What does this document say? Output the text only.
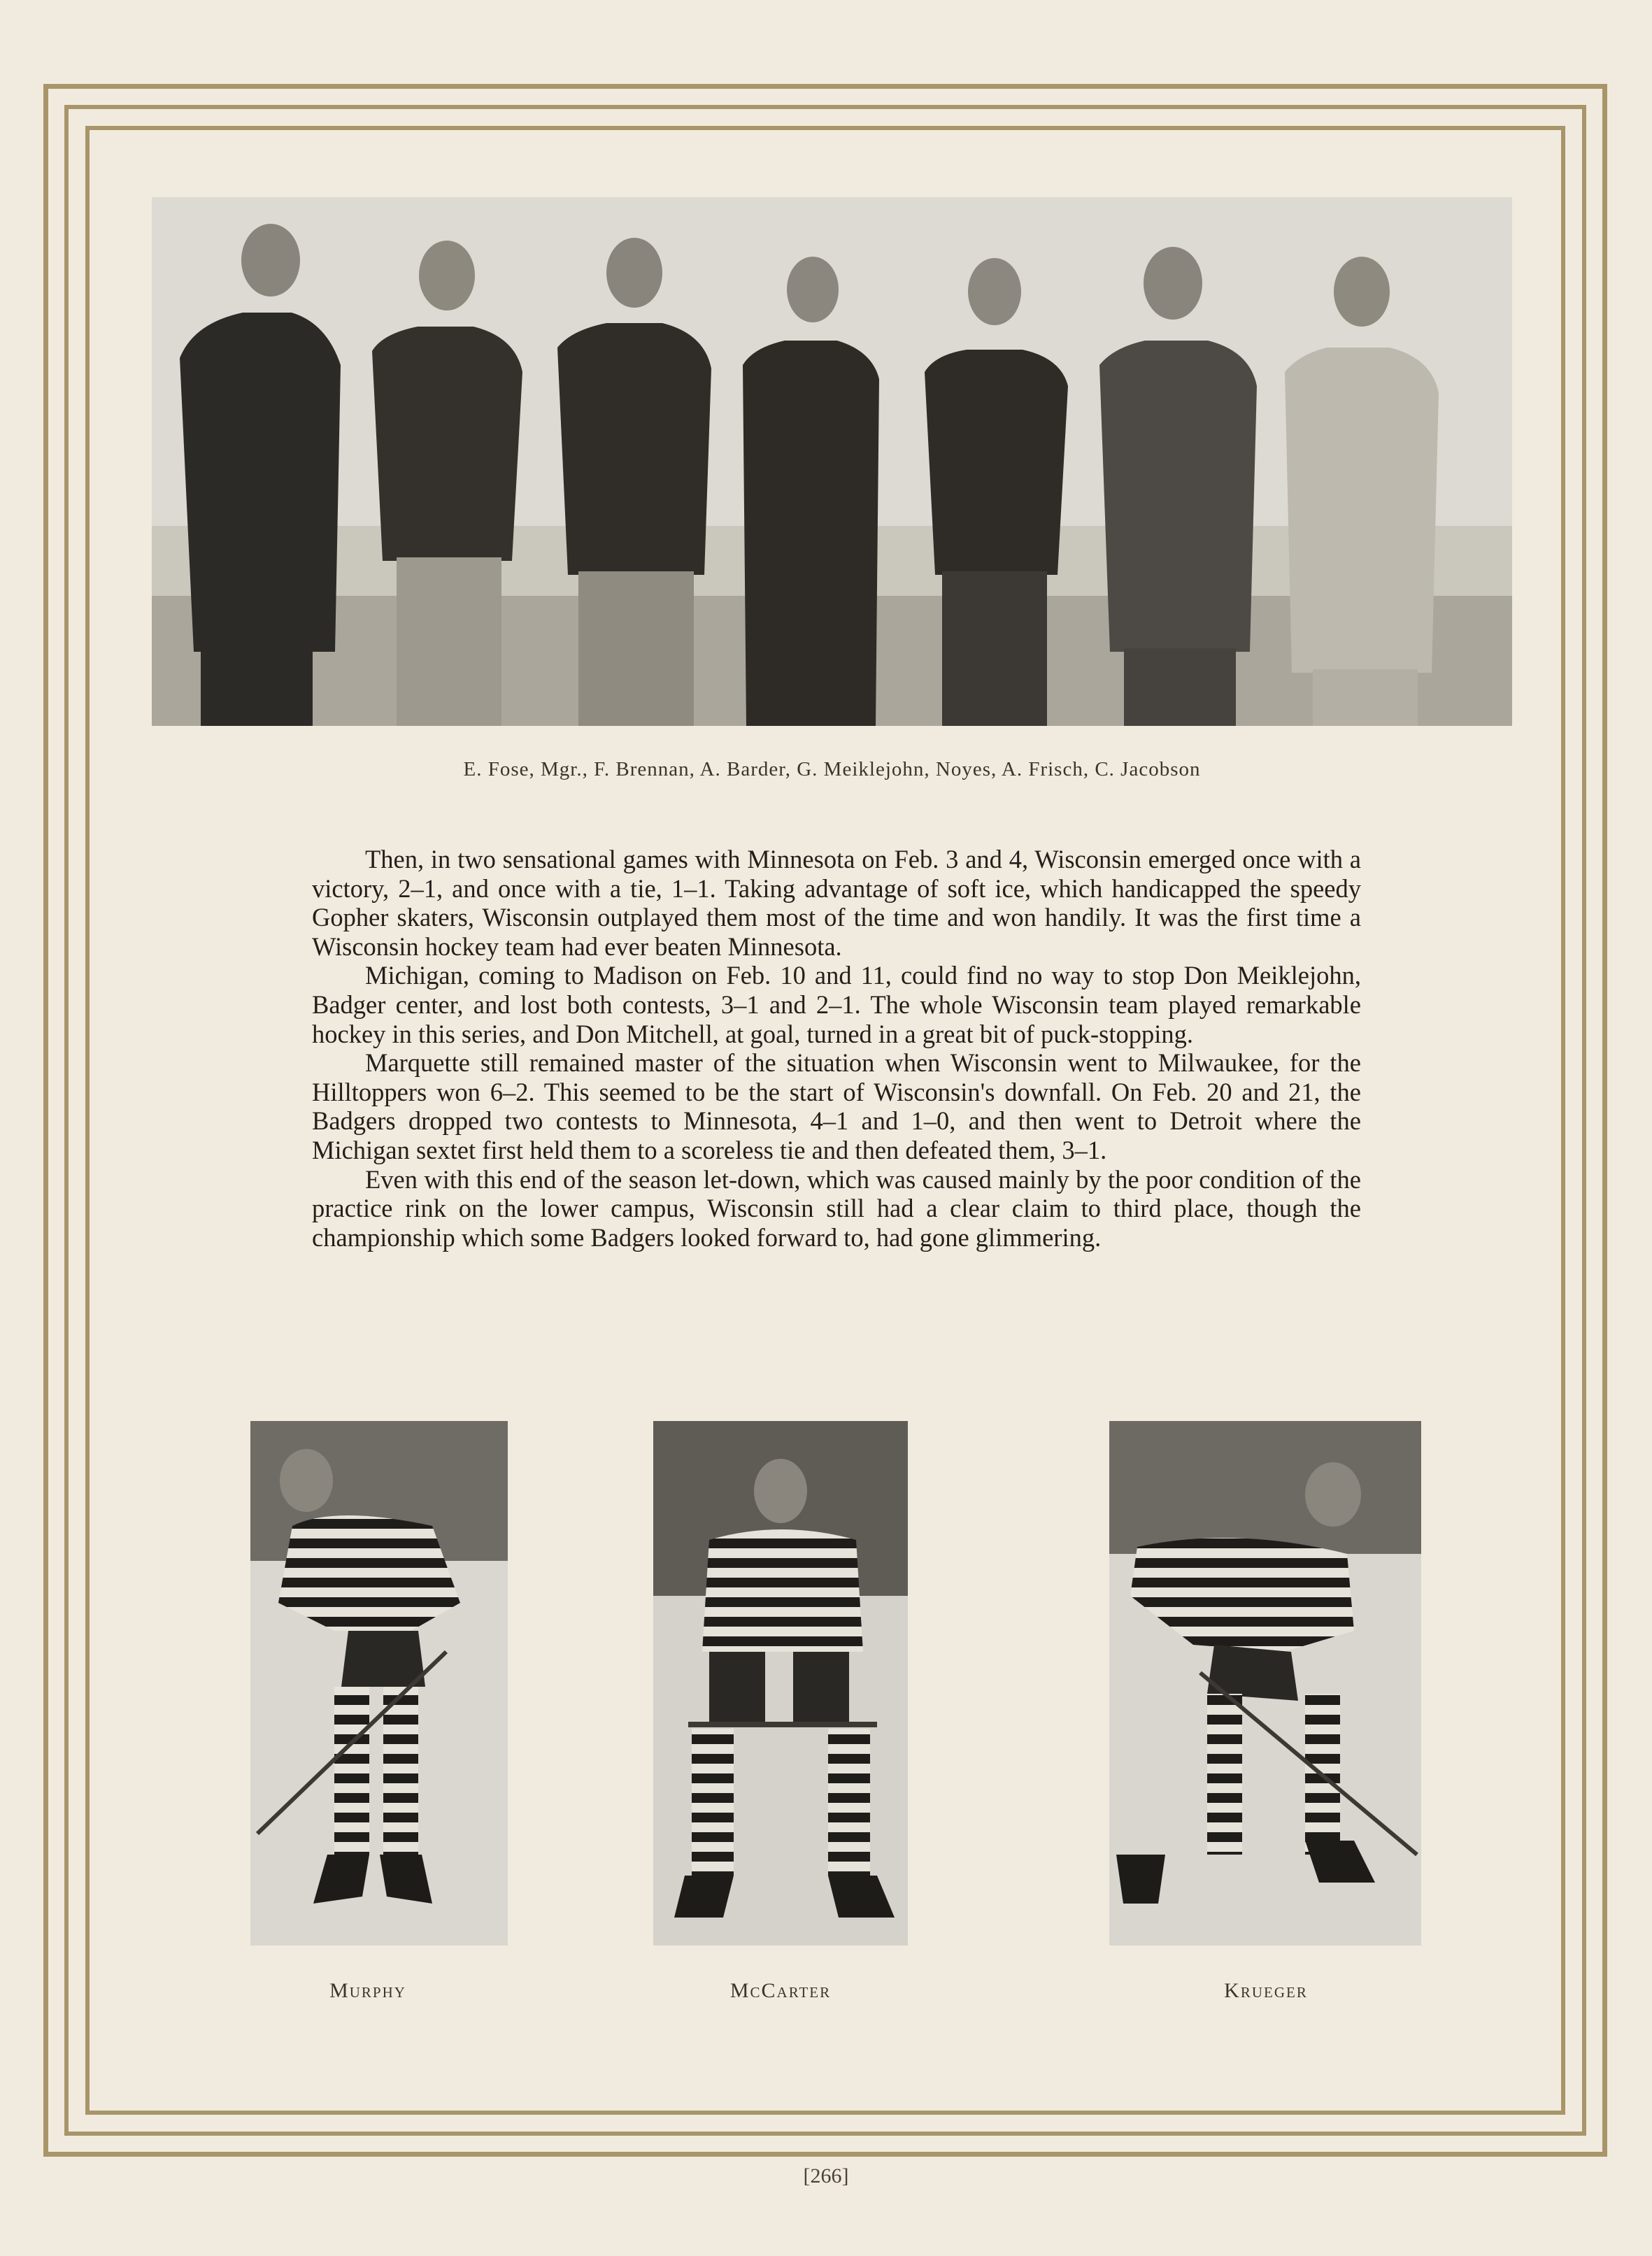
E. Fose, Mgr., F. Brennan, A. Barder, G. Meiklejohn, Noyes, A. Frisch, C. Jacobson

Then, in two sensational games with Minnesota on Feb. 3 and 4, Wisconsin emerged once with a victory, 2–1, and once with a tie, 1–1. Taking advantage of soft ice, which handicapped the speedy Gopher skaters, Wisconsin outplayed them most of the time and won handily. It was the first time a Wisconsin hockey team had ever beaten Minnesota.

Michigan, coming to Madison on Feb. 10 and 11, could find no way to stop Don Meiklejohn, Badger center, and lost both contests, 3–1 and 2–1. The whole Wisconsin team played remarkable hockey in this series, and Don Mitchell, at goal, turned in a great bit of puck-stopping.

Marquette still remained master of the situation when Wisconsin went to Milwaukee, for the Hilltoppers won 6–2. This seemed to be the start of Wisconsin's downfall. On Feb. 20 and 21, the Badgers dropped two contests to Minnesota, 4–1 and 1–0, and then went to Detroit where the Michigan sextet first held them to a scoreless tie and then defeated them, 3–1.

Even with this end of the season let-down, which was caused mainly by the poor condition of the practice rink on the lower campus, Wisconsin still had a clear claim to third place, though the championship which some Badgers looked forward to, had gone glimmering.

Murphy	McCarter	Krueger
[266]
